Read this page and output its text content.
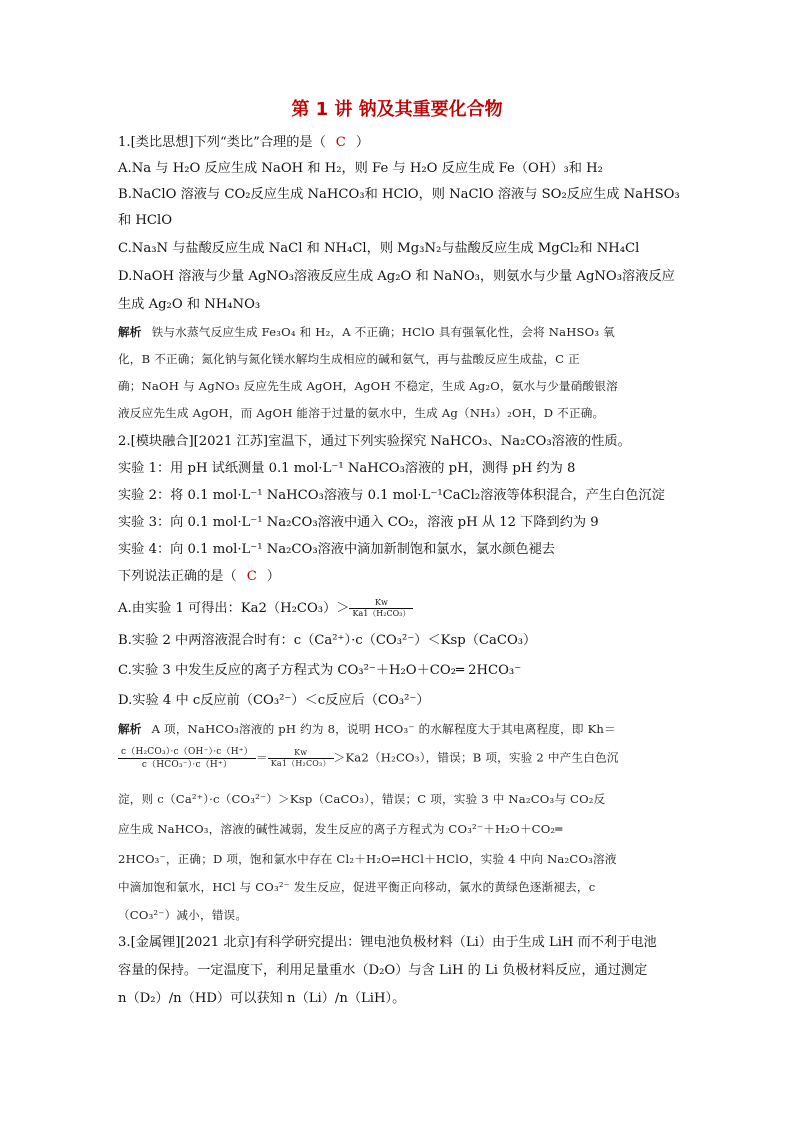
第 1 讲 钠及其重要化合物
1.[类比思想]下列“类比”合理的是（ C ）
A.Na 与 H₂O 反应生成 NaOH 和 H₂，则 Fe 与 H₂O 反应生成 Fe（OH）₃和 H₂
B.NaClO 溶液与 CO₂反应生成 NaHCO₃和 HClO，则 NaClO 溶液与 SO₂反应生成 NaHSO₃
和 HClO
C.Na₃N 与盐酸反应生成 NaCl 和 NH₄Cl，则 Mg₃N₂与盐酸反应生成 MgCl₂和 NH₄Cl
D.NaOH 溶液与少量 AgNO₃溶液反应生成 Ag₂O 和 NaNO₃，则氨水与少量 AgNO₃溶液反应
生成 Ag₂O 和 NH₄NO₃
解析 铁与水蒸气反应生成 Fe₃O₄ 和 H₂，A 不正确；HClO 具有强氧化性，会将 NaHSO₃ 氧
化，B 不正确；氮化钠与氮化镁水解均生成相应的碱和氨气，再与盐酸反应生成盐，C 正
确；NaOH 与 AgNO₃ 反应先生成 AgOH，AgOH 不稳定，生成 Ag₂O，氨水与少量硝酸银溶
液反应先生成 AgOH，而 AgOH 能溶于过量的氨水中，生成 Ag（NH₃）₂OH，D 不正确。
2.[模块融合][2021 江苏]室温下，通过下列实验探究 NaHCO₃、Na₂CO₃溶液的性质。
实验 1：用 pH 试纸测量 0.1 mol·L⁻¹ NaHCO₃溶液的 pH，测得 pH 约为 8
实验 2：将 0.1 mol·L⁻¹ NaHCO₃溶液与 0.1 mol·L⁻¹CaCl₂溶液等体积混合，产生白色沉淀
实验 3：向 0.1 mol·L⁻¹ Na₂CO₃溶液中通入 CO₂，溶液 pH 从 12 下降到约为 9
实验 4：向 0.1 mol·L⁻¹ Na₂CO₃溶液中滴加新制饱和氯水，氯水颜色褪去
下列说法正确的是（ C ）
A.由实验 1 可得出：$Ka2(H_2CO_3)> \frac{Kw}{\text{Ka1（H₂CO₃）}}$
B.实验 2 中两溶液混合时有：c（Ca²⁺）·c（CO₃²⁻）＜Ksp（CaCO₃）
C.实验 3 中发生反应的离子方程式为 CO₃²⁻＋H₂O＋CO₂═ 2HCO₃⁻
D.实验 4 中 c反应前（CO₃²⁻）＜c反应后（CO₃²⁻）
解析 A 项，NaHCO₃溶液的 pH 约为 8，说明 HCO₃⁻ 的水解程度大于其电离程度，即 Kh＝
$\frac{\text{c（H₂CO₃）·c（OH⁻）·c（H⁺）}}{\text{c（HCO₃⁻）·c（H⁺）}} = \frac{Kw}{\text{Ka1（H₂CO₃）}} >Ka2(H_2CO_3)$，错误；B 项，实验 2 中产生白色沉
淀，则 c（Ca²⁺）·c（CO₃²⁻）＞Ksp（CaCO₃），错误；C 项，实验 3 中 Na₂CO₃与 CO₂反
应生成 NaHCO₃，溶液的碱性减弱，发生反应的离子方程式为 CO₃²⁻＋H₂O＋CO₂═
2HCO₃⁻，正确；D 项，饱和氯水中存在 Cl₂＋H₂O⇌HCl＋HClO，实验 4 中向 Na₂CO₃溶液
中滴加饱和氯水，HCl 与 CO₃²⁻ 发生反应，促进平衡正向移动，氯水的黄绿色逐渐褪去，c
（CO₃²⁻）减小，错误。
3.[金属锂][2021 北京]有科学研究提出：锂电池负极材料（Li）由于生成 LiH 而不利于电池
容量的保持。一定温度下，利用足量重水（D₂O）与含 LiH 的 Li 负极材料反应，通过测定
n（D₂）/n（HD）可以获知 n（Li）/n（LiH）。
